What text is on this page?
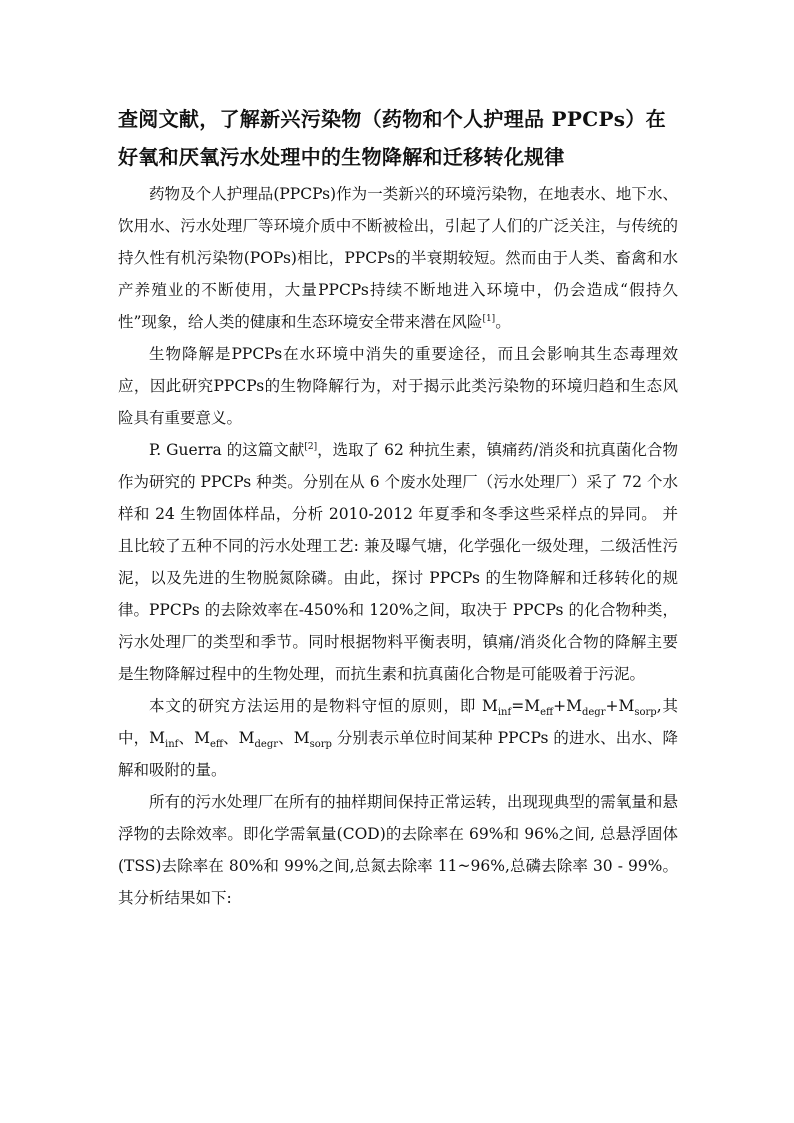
查阅文献，了解新兴污染物（药物和个人护理品 PPCPs）在
好氧和厌氧污水处理中的生物降解和迁移转化规律

药物及个人护理品(PPCPs)作为一类新兴的环境污染物，在地表水、地下水、饮用水、污水处理厂等环境介质中不断被检出，引起了人们的广泛关注，与传统的持久性有机污染物(POPs)相比，PPCPs的半衰期较短。然而由于人类、畜禽和水产养殖业的不断使用，大量PPCPs持续不断地进入环境中，仍会造成“假持久性”现象，给人类的健康和生态环境安全带来潜在风险[1]。

生物降解是PPCPs在水环境中消失的重要途径，而且会影响其生态毒理效应，因此研究PPCPs的生物降解行为，对于揭示此类污染物的环境归趋和生态风险具有重要意义。

P. Guerra 的这篇文献[2]，选取了 62 种抗生素，镇痛药/消炎和抗真菌化合物作为研究的 PPCPs 种类。分别在从 6 个废水处理厂（污水处理厂）采了 72 个水样和 24 生物固体样品，分析 2010-2012 年夏季和冬季这些采样点的异同。 并且比较了五种不同的污水处理工艺: 兼及曝气塘，化学强化一级处理，二级活性污泥，以及先进的生物脱氮除磷。由此，探讨 PPCPs 的生物降解和迁移转化的规律。 PPCPs 的去除效率在-450%和 120%之间，取决于 PPCPs 的化合物种类，污水处理厂的类型和季节。同时根据物料平衡表明，镇痛/消炎化合物的降解主要是生物降解过程中的生物处理，而抗生素和抗真菌化合物是可能吸着于污泥。

本文的研究方法运用的是物料守恒的原则，即 $M_{inf}=M_{eff}+M_{degr}+M_{sorp}$,其中，$M_{inf}$、$M_{eff}$、$M_{degr}$、$M_{sorp}$ 分别表示单位时间某种 PPCPs 的进水、出水、降解和吸附的量。

所有的污水处理厂在所有的抽样期间保持正常运转，出现现典型的需氧量和悬浮物的去除效率。即化学需氧量(COD)的去除率在 69%和 96%之间, 总悬浮固体(TSS)去除率在 80%和 99%之间,总氮去除率 11~96%,总磷去除率 30 - 99%。其分析结果如下:
